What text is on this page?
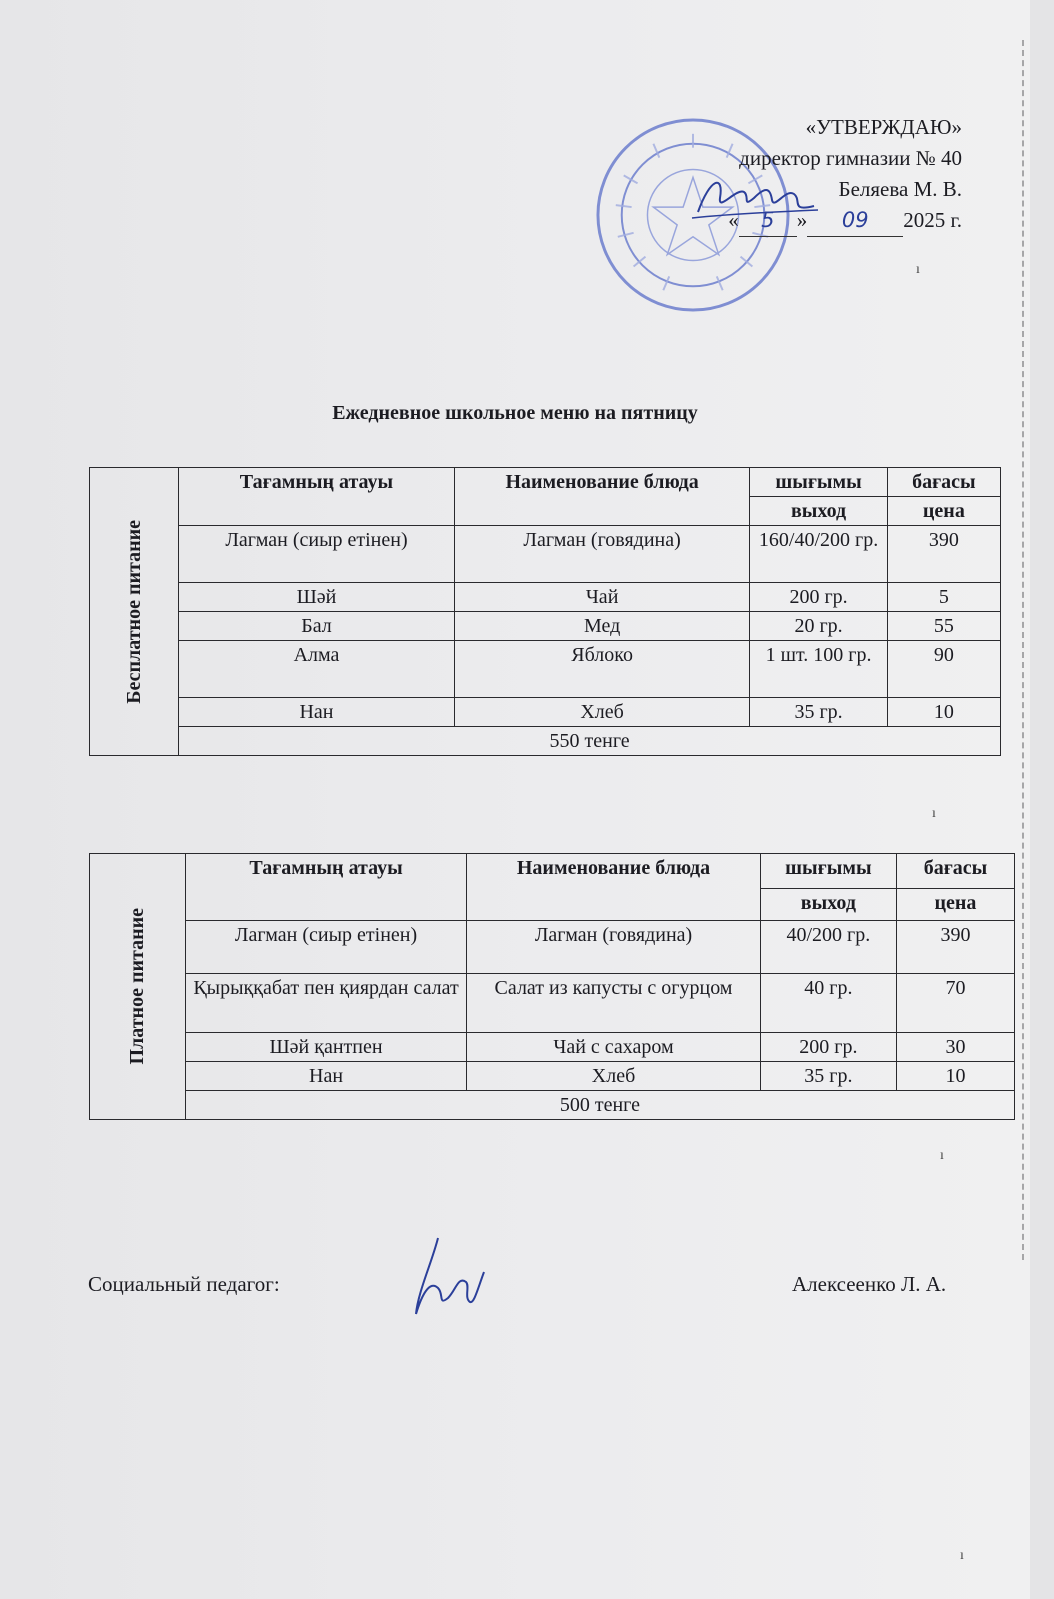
«УТВЕРЖДАЮ»
директор гимназии № 40
Беляева М. В.
« 5 » 09 2025 г.
Ежедневное школьное меню на пятницу
Бесплатное питание	Тағамның атауы	Наименование блюда	шығымы	бағасы
			выход	цена
	Лагман (сиыр етінен)	Лагман (говядина)	160/40/200 гр.	390
	Шәй	Чай	200 гр.	5
	Бал	Мед	20 гр.	55
	Алма	Яблоко	1 шт. 100 гр.	90
	Нан	Хлеб	35 гр.	10
	550 тенге			
Платное питание	Тағамның атауы	Наименование блюда	шығымы	бағасы
			выход	цена
	Лагман (сиыр етінен)	Лагман (говядина)	40/200 гр.	390
	Қырыққабат пен қиярдан салат	Салат из капусты с огурцом	40 гр.	70
	Шәй қантпен	Чай с сахаром	200 гр.	30
	Нан	Хлеб	35 гр.	10
	500 тенге			
Социальный педагог:	Алексеенко Л. А.
ı
ı
ı
ı
